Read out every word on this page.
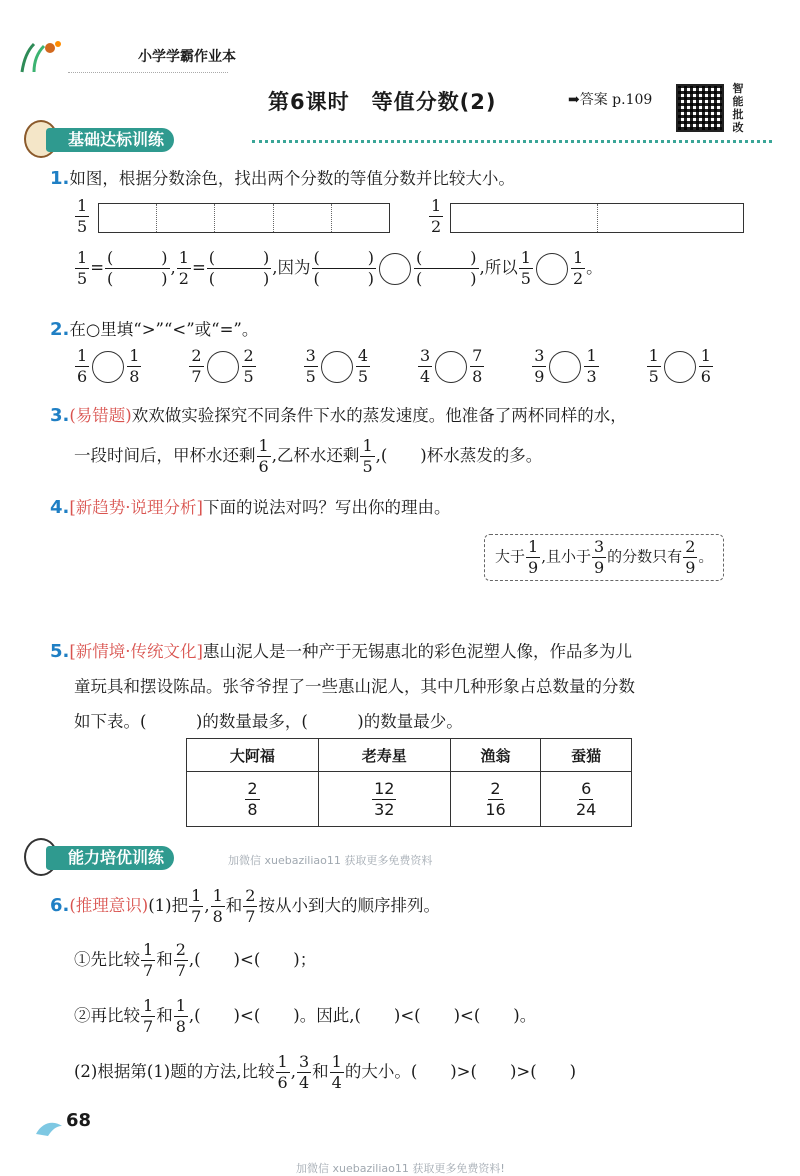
小学学霸作业本
第6课时　等值分数(2)	➡答案 p.109
智
能
批
改
基础达标训练
1.如图，根据分数涂色，找出两个分数的等值分数并比较大小。
$\frac{1}{5}$	$\frac{1}{2}$
$\frac{1}{5} = \frac{( )}{( )}$ , $\frac{1}{2} = \frac{( )}{( )}$ ,因为 $\frac{( )}{( )} \frac{( )}{( )}$ ,所以 $\frac{1}{5} \frac{1}{2}$ 。
2.在○里填“>”“<”或“=”。
$\frac{1}{6} \frac{1}{8}$	$\frac{2}{7} \frac{2}{5}$	$\frac{3}{5} \frac{4}{5}$	$\frac{3}{4} \frac{7}{8}$	$\frac{3}{9} \frac{1}{3}$	$\frac{1}{5} \frac{1}{6}$
3.(易错题)欢欢做实验探究不同条件下水的蒸发速度。他准备了两杯同样的水，
一段时间后，甲杯水还剩 $\frac{1}{6}$ ,乙杯水还剩 $\frac{1}{5}$ ,(　　)杯水蒸发的多。
4.[新趋势·说理分析]下面的说法对吗？写出你的理由。
大于 $\frac{1}{9}$ ,且小于 $\frac{3}{9}$ 的分数只有 $\frac{2}{9}$ 。
5.[新情境·传统文化]惠山泥人是一种产于无锡惠北的彩色泥塑人像，作品多为儿
童玩具和摆设陈品。张爷爷捏了一些惠山泥人，其中几种形象占总数量的分数
如下表。(　　　)的数量最多，(　　　)的数量最少。
大阿福	老寿星	渔翁	蚕猫

$\frac{2}{8}$	$\frac{12}{32}$	$\frac{2}{16}$	$\frac{6}{24}$
能力培优训练	加微信 xuebaziliao11 获取更多免费资料
6.(推理意识)(1)把 $\frac{1}{7}$ , $\frac{1}{8}$ 和 $\frac{2}{7}$ 按从小到大的顺序排列。
①先比较 $\frac{1}{7}$ 和 $\frac{2}{7}$ ,(　　)<(　　)；
②再比较 $\frac{1}{7}$ 和 $\frac{1}{8}$ ,(　　)<(　　)。因此,(　　)<(　　)<(　　)。
(2)根据第(1)题的方法,比较 $\frac{1}{6}$ , $\frac{3}{4}$ 和 $\frac{1}{4}$ 的大小。(　　)>(　　)>(　　)
68
加微信 xuebaziliao11 获取更多免费资料!
